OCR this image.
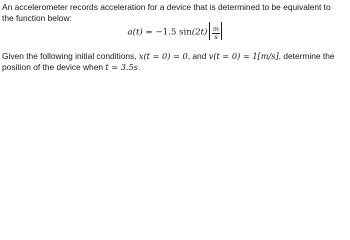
An accelerometer records acceleration for a device that is determined to be equivalent to the function below:

a(t) = −1.5 $\sin(2t) \frac{m}{s}$

Given the following initial conditions, x(t = 0) = 0, and v(t = 0) = 1[m/s], determine the position of the device when t = 3.5s.
